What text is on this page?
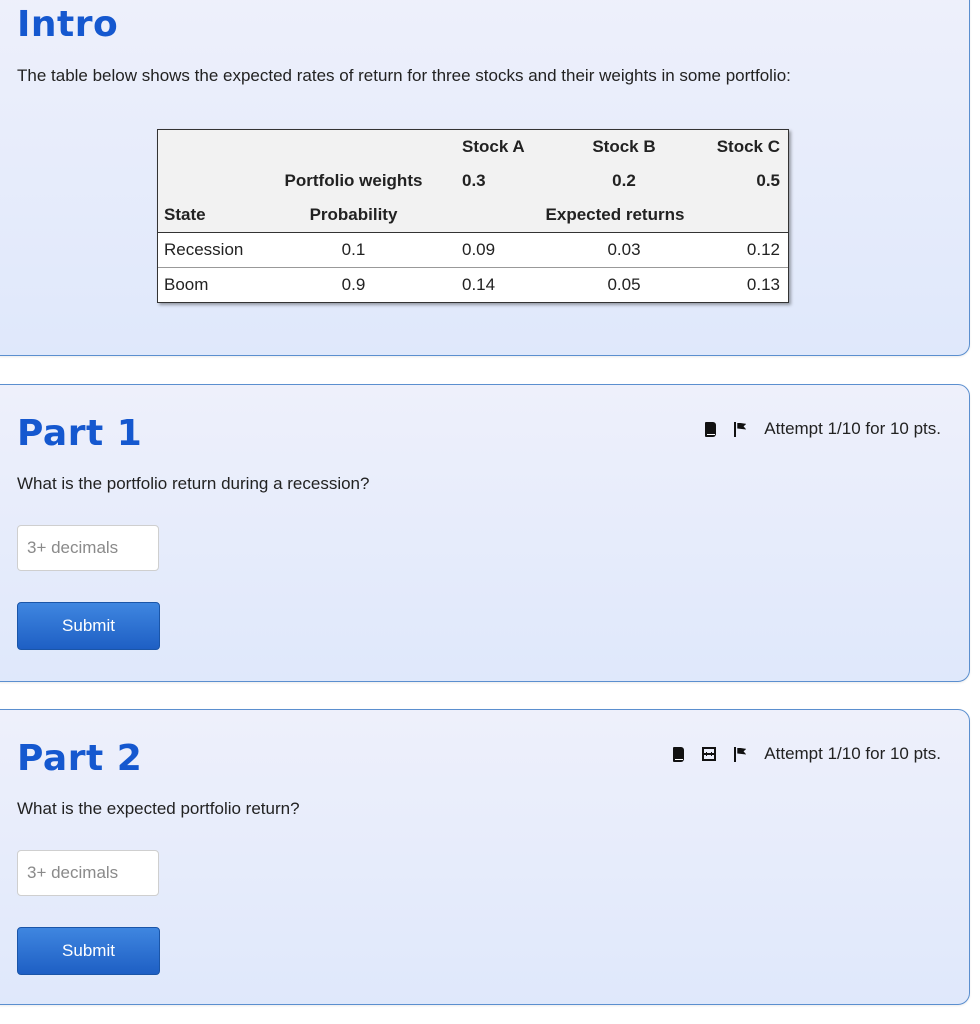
Intro

The table below shows the expected rates of return for three stocks and their weights in some portfolio:

		Stock A	Stock B	Stock C
	Portfolio weights	0.3	0.2	0.5
State	Probability	Expected returns		
Recession	0.1	0.09	0.03	0.12
Boom	0.9	0.14	0.05	0.13
Part 1	Attempt 1/10 for 10 pts.

What is the portfolio return during a recession?

3+ decimals
Submit
Part 2	Attempt 1/10 for 10 pts.

What is the expected portfolio return?

3+ decimals
Submit
